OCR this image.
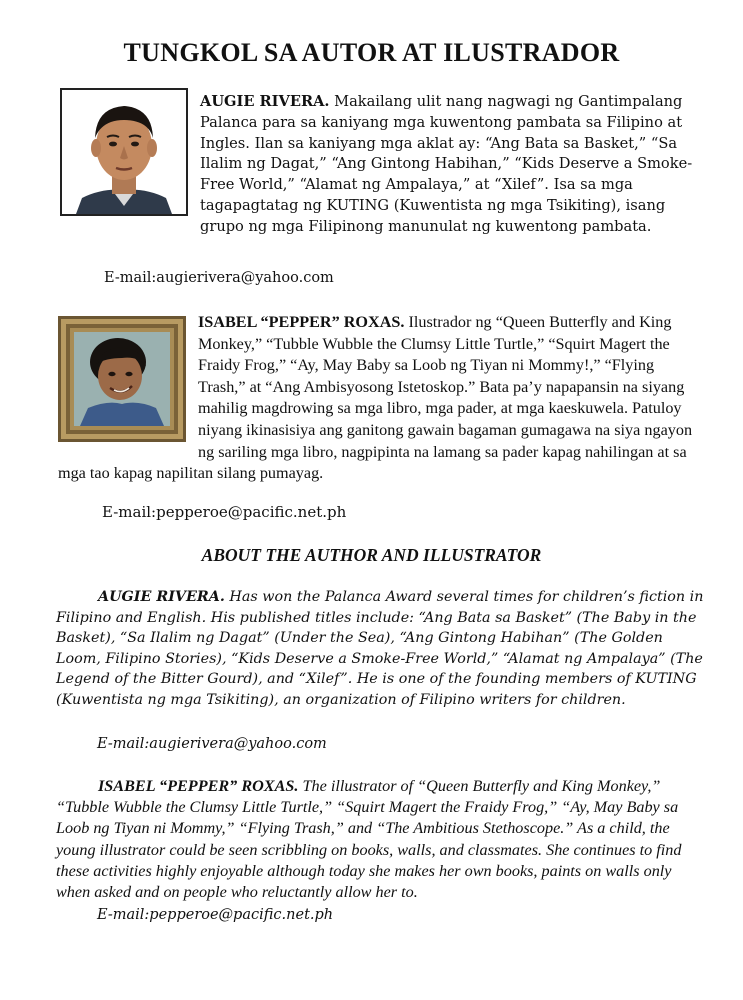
TUNGKOL SA AUTOR AT ILUSTRADOR
AUGIE RIVERA. Makailang ulit nang nagwagi ng Gantimpalang Palanca para sa kaniyang mga kuwentong pambata sa Filipino at Ingles. Ilan sa kaniyang mga aklat ay: “Ang Bata sa Basket,” “Sa Ilalim ng Dagat,” “Ang Gintong Habihan,” “Kids Deserve a Smoke-Free World,” “Alamat ng Ampalaya,” at “Xilef”. Isa sa mga tagapagtatag ng KUTING (Kuwentista ng mga Tsikiting), isang grupo ng mga Filipinong manunulat ng kuwentong pambata.
E-mail:augierivera@yahoo.com
ISABEL “PEPPER” ROXAS. Ilustrador ng “Queen Butterfly and King Monkey,” “Tubble Wubble the Clumsy Little Turtle,” “Squirt Magert the Fraidy Frog,” “Ay, May Baby sa Loob ng Tiyan ni Mommy!,” “Flying Trash,” at “Ang Ambisyosong Istetoskop.” Bata pa’y napapansin na siyang mahilig magdrowing sa mga libro, mga pader, at mga kaeskuwela. Patuloy niyang ikinasisiya ang ganitong gawain bagaman gumagawa na siya ngayon ng sariling mga libro, nagpipinta na lamang sa pader kapag nahilingan at sa mga tao kapag napilitan silang pumayag.
E-mail:pepperoe@pacific.net.ph
ABOUT THE AUTHOR AND ILLUSTRATOR
AUGIE RIVERA. Has won the Palanca Award several times for children’s fiction in Filipino and English. His published titles include: “Ang Bata sa Basket” (The Baby in the Basket), “Sa Ilalim ng Dagat” (Under the Sea), “Ang Gintong Habihan” (The Golden Loom, Filipino Stories), “Kids Deserve a Smoke-Free World,” “Alamat ng Ampalaya” (The Legend of the Bitter Gourd), and “Xilef”. He is one of the founding members of KUTING (Kuwentista ng mga Tsikiting), an organization of Filipino writers for children.
E-mail:augierivera@yahoo.com
ISABEL “PEPPER” ROXAS. The illustrator of “Queen Butterfly and King Monkey,” “Tubble Wubble the Clumsy Little Turtle,” “Squirt Magert the Fraidy Frog,” “Ay, May Baby sa Loob ng Tiyan ni Mommy,” “Flying Trash,” and “The Ambitious Stethoscope.” As a child, the young illustrator could be seen scribbling on books, walls, and classmates. She continues to find these activities highly enjoyable although today she makes her own books, paints on walls only when asked and on people who reluctantly allow her to.
E-mail:pepperoe@pacific.net.ph
